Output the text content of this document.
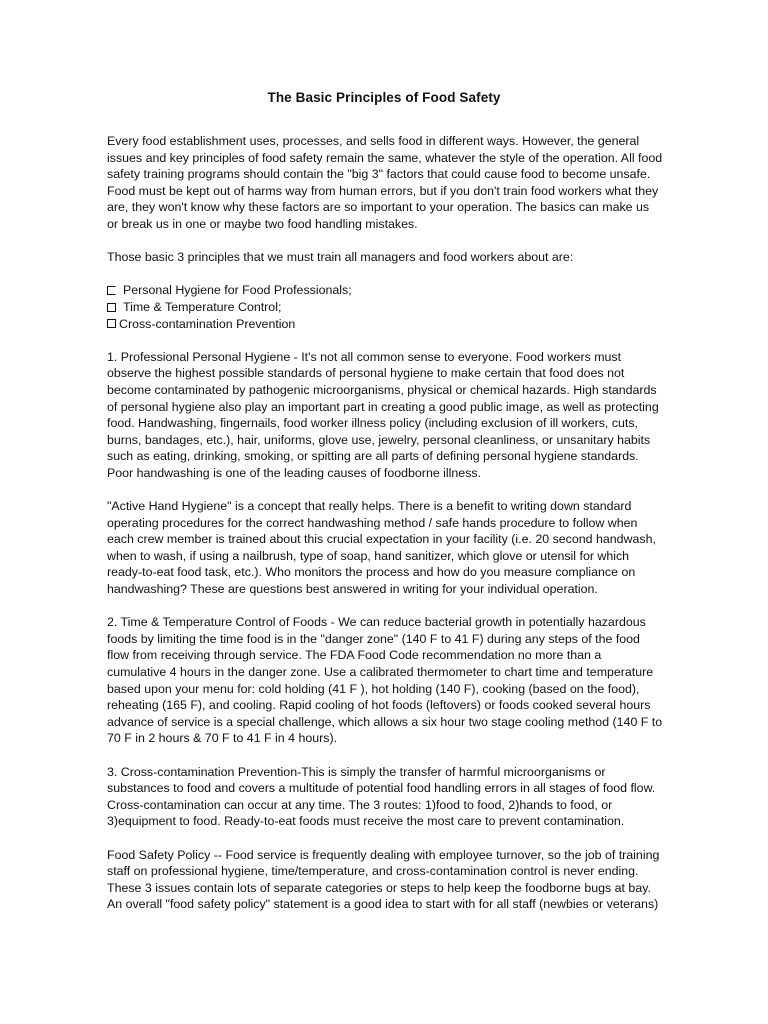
The Basic Principles of Food Safety

Every food establishment uses, processes, and sells food in different ways. However, the general issues and key principles of food safety remain the same, whatever the style of the operation. All food safety training programs should contain the "big 3" factors that could cause food to become unsafe. Food must be kept out of harms way from human errors, but if you don't train food workers what they are, they won't know why these factors are so important to your operation. The basics can make us or break us in one or maybe two food handling mistakes.

Those basic 3 principles that we must train all managers and food workers about are:

Personal Hygiene for Food Professionals;
Time & Temperature Control;
Cross-contamination Prevention

1. Professional Personal Hygiene - It's not all common sense to everyone. Food workers must observe the highest possible standards of personal hygiene to make certain that food does not become contaminated by pathogenic microorganisms, physical or chemical hazards. High standards of personal hygiene also play an important part in creating a good public image, as well as protecting food. Handwashing, fingernails, food worker illness policy (including exclusion of ill workers, cuts, burns, bandages, etc.), hair, uniforms, glove use, jewelry, personal cleanliness, or unsanitary habits such as eating, drinking, smoking, or spitting are all parts of defining personal hygiene standards. Poor handwashing is one of the leading causes of foodborne illness.

"Active Hand Hygiene" is a concept that really helps. There is a benefit to writing down standard operating procedures for the correct handwashing method / safe hands procedure to follow when each crew member is trained about this crucial expectation in your facility (i.e. 20 second handwash, when to wash, if using a nailbrush, type of soap, hand sanitizer, which glove or utensil for which ready-to-eat food task, etc.). Who monitors the process and how do you measure compliance on handwashing? These are questions best answered in writing for your individual operation.

2. Time & Temperature Control of Foods - We can reduce bacterial growth in potentially hazardous foods by limiting the time food is in the "danger zone" (140 F to 41 F) during any steps of the food flow from receiving through service. The FDA Food Code recommendation no more than a cumulative 4 hours in the danger zone. Use a calibrated thermometer to chart time and temperature based upon your menu for: cold holding (41 F ), hot holding (140 F), cooking (based on the food), reheating (165 F), and cooling. Rapid cooling of hot foods (leftovers) or foods cooked several hours advance of service is a special challenge, which allows a six hour two stage cooling method (140 F to 70 F in 2 hours & 70 F to 41 F in 4 hours).

3. Cross-contamination Prevention-This is simply the transfer of harmful microorganisms or substances to food and covers a multitude of potential food handling errors in all stages of food flow. Cross-contamination can occur at any time. The 3 routes: 1)food to food, 2)hands to food, or 3)equipment to food. Ready-to-eat foods must receive the most care to prevent contamination.

Food Safety Policy -- Food service is frequently dealing with employee turnover, so the job of training staff on professional hygiene, time/temperature, and cross-contamination control is never ending. These 3 issues contain lots of separate categories or steps to help keep the foodborne bugs at bay. An overall "food safety policy" statement is a good idea to start with for all staff (newbies or veterans)
